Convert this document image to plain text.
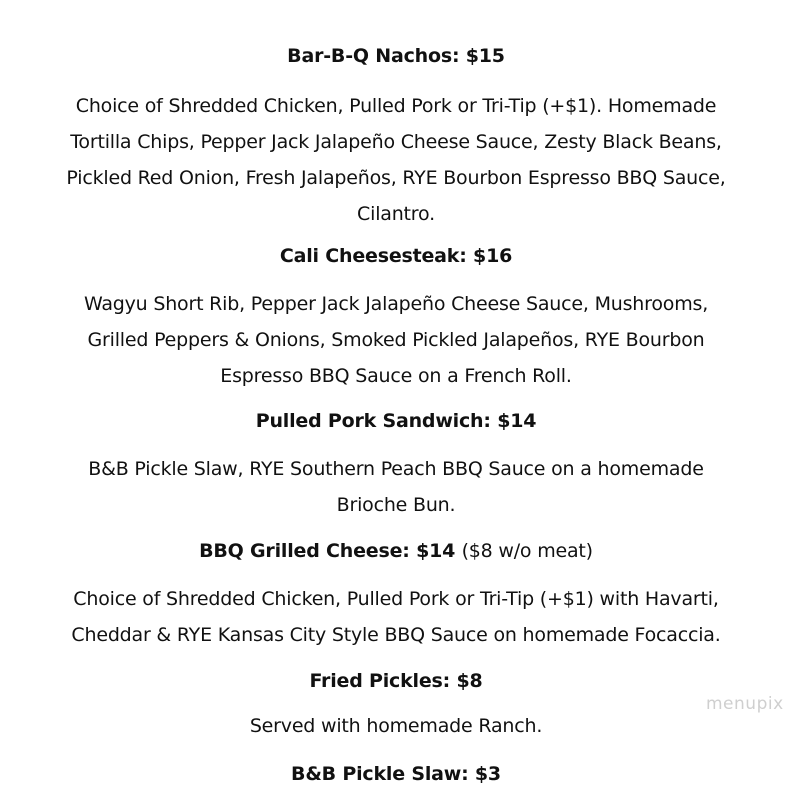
Bar-B-Q Nachos: $15
Choice of Shredded Chicken, Pulled Pork or Tri-Tip (+$1). Homemade
Tortilla Chips, Pepper Jack Jalapeño Cheese Sauce, Zesty Black Beans,
Pickled Red Onion, Fresh Jalapeños, RYE Bourbon Espresso BBQ Sauce,
Cilantro.
Cali Cheesesteak: $16
Wagyu Short Rib, Pepper Jack Jalapeño Cheese Sauce, Mushrooms,
Grilled Peppers & Onions, Smoked Pickled Jalapeños, RYE Bourbon
Espresso BBQ Sauce on a French Roll.
Pulled Pork Sandwich: $14
B&B Pickle Slaw, RYE Southern Peach BBQ Sauce on a homemade
Brioche Bun.
BBQ Grilled Cheese: $14 ($8 w/o meat)
Choice of Shredded Chicken, Pulled Pork or Tri-Tip (+$1) with Havarti,
Cheddar & RYE Kansas City Style BBQ Sauce on homemade Focaccia.
Fried Pickles: $8
Served with homemade Ranch.
B&B Pickle Slaw: $3
menupix
